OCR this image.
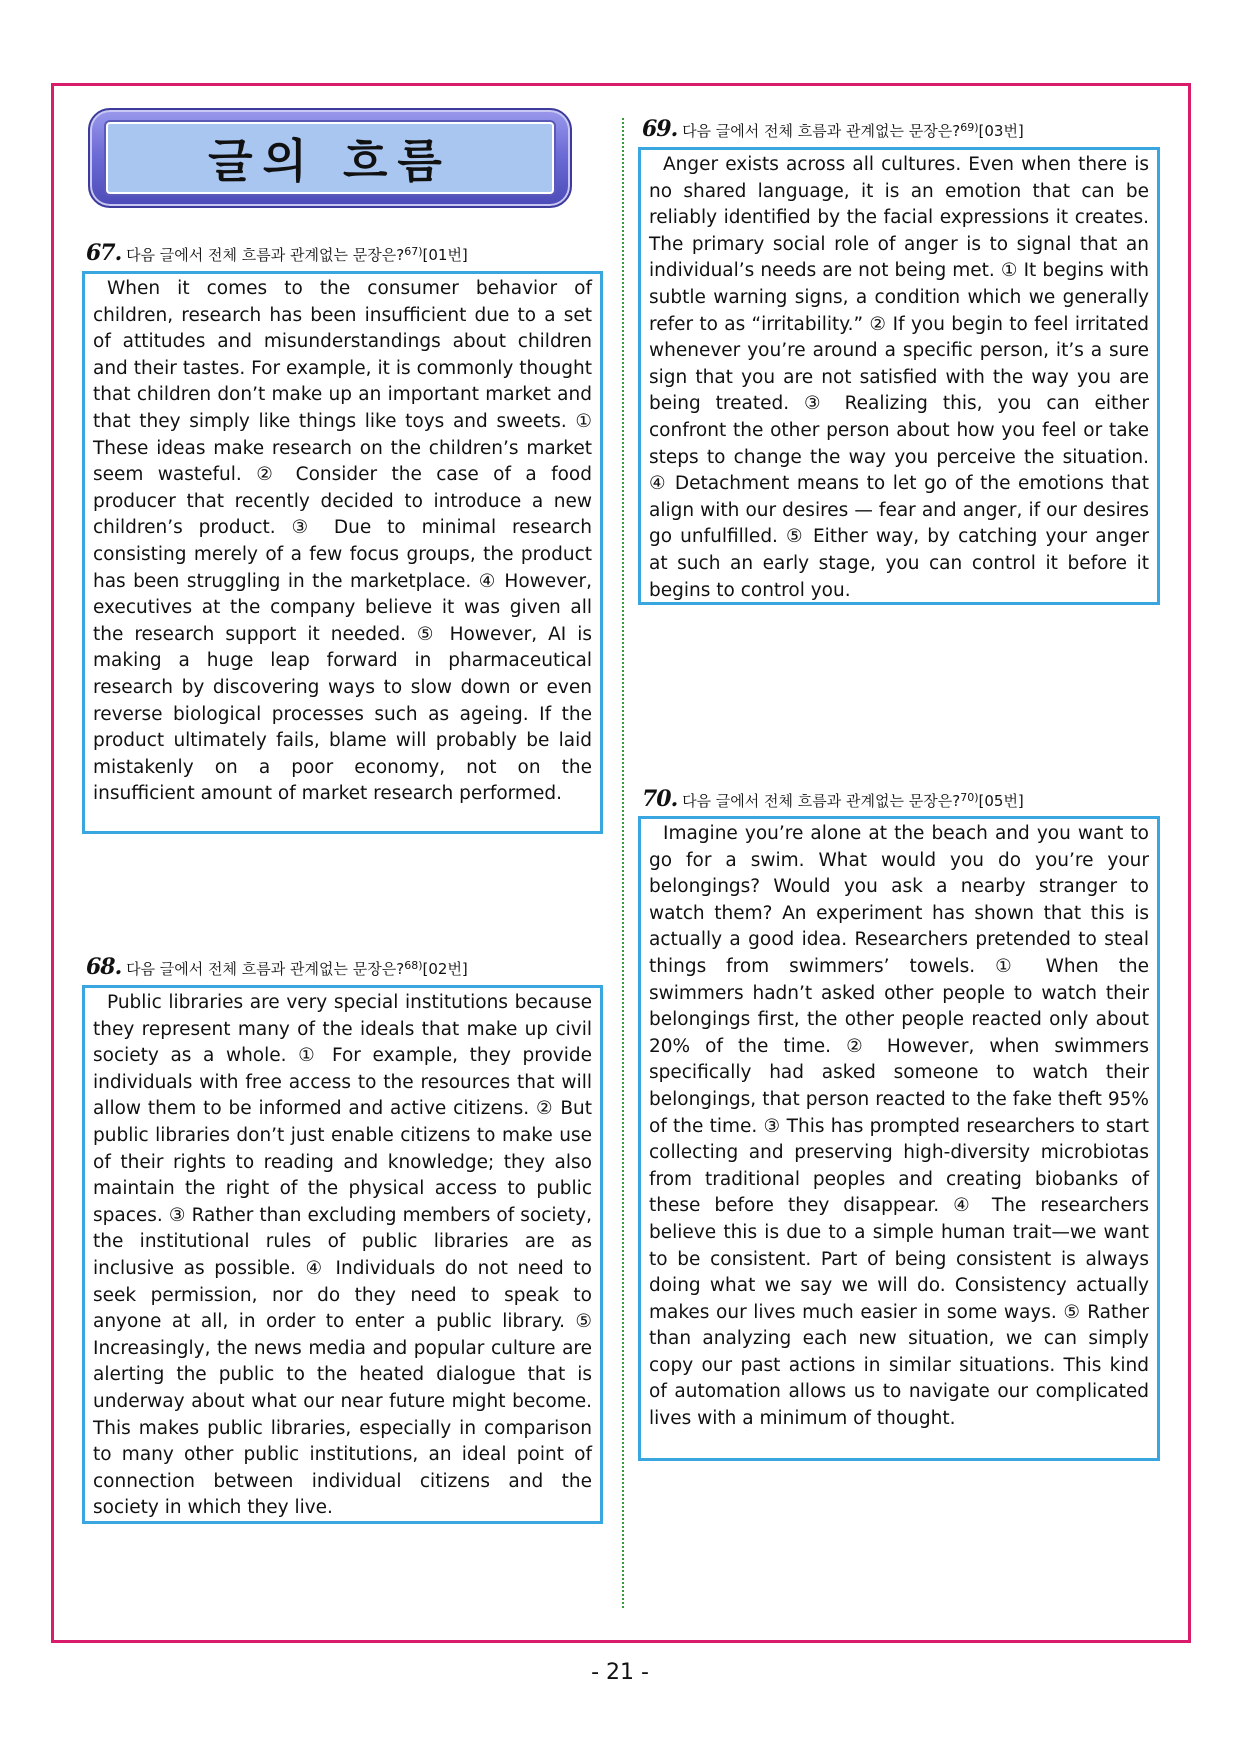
글의 흐름
67. 다음 글에서 전체 흐름과 관계없는 문장은?$^{67)}$[01번]

When it comes to the consumer behavior of children, research has been insufficient due to a set of attitudes and misunderstandings about children and their tastes. For example, it is commonly thought that children don’t make up an important market and that they simply like things like toys and sweets. ① These ideas make research on the children’s market seem wasteful. ② Consider the case of a food producer that recently decided to introduce a new children’s product. ③ Due to minimal research consisting merely of a few focus groups, the product has been struggling in the marketplace. ④ However, executives at the company believe it was given all the research support it needed. ⑤ However, AI is making a huge leap forward in pharmaceutical research by discovering ways to slow down or even reverse biological processes such as ageing. If the product ultimately fails, blame will probably be laid mistakenly on a poor economy, not on the insufficient amount of market research performed.

68. 다음 글에서 전체 흐름과 관계없는 문장은?$^{68)}$[02번]

Public libraries are very special institutions because they represent many of the ideals that make up civil society as a whole. ① For example, they provide individuals with free access to the resources that will allow them to be informed and active citizens. ② But public libraries don’t just enable citizens to make use of their rights to reading and knowledge; they also maintain the right of the physical access to public spaces. ③ Rather than excluding members of society, the institutional rules of public libraries are as inclusive as possible. ④ Individuals do not need to seek permission, nor do they need to speak to anyone at all, in order to enter a public library. ⑤ Increasingly, the news media and popular culture are alerting the public to the heated dialogue that is underway about what our near future might become. This makes public libraries, especially in comparison to many other public institutions, an ideal point of connection between individual citizens and the society in which they live.

69. 다음 글에서 전체 흐름과 관계없는 문장은?$^{69)}$[03번]

Anger exists across all cultures. Even when there is no shared language, it is an emotion that can be reliably identified by the facial expressions it creates. The primary social role of anger is to signal that an individual’s needs are not being met. ① It begins with subtle warning signs, a condition which we generally refer to as “irritability.” ② If you begin to feel irritated whenever you’re around a specific person, it’s a sure sign that you are not satisfied with the way you are being treated. ③ Realizing this, you can either confront the other person about how you feel or take steps to change the way you perceive the situation. ④ Detachment means to let go of the emotions that align with our desires — fear and anger, if our desires go unfulfilled. ⑤ Either way, by catching your anger at such an early stage, you can control it before it begins to control you.

70. 다음 글에서 전체 흐름과 관계없는 문장은?$^{70)}$[05번]

Imagine you’re alone at the beach and you want to go for a swim. What would you do you’re your belongings? Would you ask a nearby stranger to watch them? An experiment has shown that this is actually a good idea. Researchers pretended to steal things from swimmers’ towels. ① When the swimmers hadn’t asked other people to watch their belongings first, the other people reacted only about 20% of the time. ② However, when swimmers specifically had asked someone to watch their belongings, that person reacted to the fake theft 95% of the time. ③ This has prompted researchers to start collecting and preserving high-diversity microbiotas from traditional peoples and creating biobanks of these before they disappear. ④ The researchers believe this is due to a simple human trait—we want to be consistent. Part of being consistent is always doing what we say we will do. Consistency actually makes our lives much easier in some ways. ⑤ Rather than analyzing each new situation, we can simply copy our past actions in similar situations. This kind of automation allows us to navigate our complicated lives with a minimum of thought.

- 21 -
